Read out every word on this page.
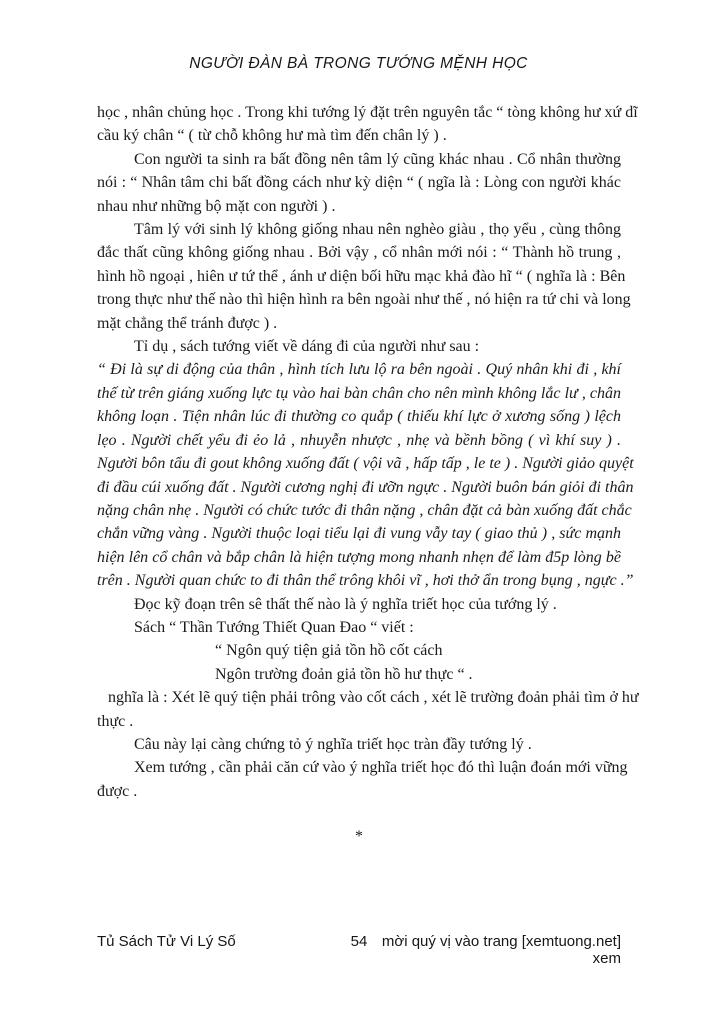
NGƯỜI ĐÀN BÀ TRONG TƯỚNG MỆNH HỌC
học , nhân chủng học . Trong khi tướng lý đặt trên nguyên tắc “ tòng không hư xứ dĩ
cầu ký chân “ ( từ chỗ không hư mà tìm đến chân lý ) .
Con người ta sinh ra bất đồng nên tâm lý cũng khác nhau . Cổ nhân thường
nói : “ Nhân tâm chi bất đồng cách như kỳ diện “ ( ngĩa là : Lòng con người khác
nhau như những bộ mặt con người ) .
Tâm lý với sinh lý không giống nhau nên nghèo giàu , thọ yểu , cùng thông
đắc thất cũng không giống nhau . Bởi vậy , cổ nhân mới nói : “ Thành hồ trung ,
hình hồ ngoại , hiên ư tứ thể , ánh ư diện bối hữu mạc khả đào hĩ “ ( nghĩa là : Bên
trong thực như thế nào thì hiện hình ra bên ngoài như thế , nó hiện ra tứ chi và long
mặt chẳng thể tránh được ) .
Tỉ dụ , sách tướng viết về dáng đi của người như sau :
“ Đi là sự di động của thân , hình tích lưu lộ ra bên ngoài . Quý nhân khi đi , khí
thế từ trên giáng xuống lực tụ vào hai bàn chân cho nên mình không lắc lư , chân
không loạn . Tiện nhân lúc đi thường co quắp ( thiếu khí lực ở xương sống ) lệch
lẹo . Người chết yểu đi ẻo lả , nhuyễn nhược , nhẹ và bềnh bồng ( vì khí suy ) .
Người bôn tẩu đi gout không xuống đất ( vội vã , hấp tấp , le te ) . Người giảo quyệt
đi đầu cúi xuống đất . Người cương nghị đi ưỡn ngực . Người buôn bán giỏi đi thân
nặng chân nhẹ . Người có chức tước đi thân nặng , chân đặt cả bàn xuống đất chắc
chắn vững vàng . Người thuộc loại tiểu lại đi vung vẫy tay ( giao thủ ) , sức mạnh
hiện lên cổ chân và bắp chân là hiện tượng mong nhanh nhẹn để làm đ5p lòng bề
trên . Người quan chức to đi thân thể trông khôi vĩ , hơi thở ẩn trong bụng , ngực .”
Đọc kỹ đoạn trên sê thất thế nào là ý nghĩa triết học của tướng lý .
Sách “ Thần Tướng Thiết Quan Đao “ viết :
“ Ngôn quý tiện giả tồn hồ cốt cách
Ngôn trường đoản giả tồn hồ hư thực “ .
nghĩa là : Xét lẽ quý tiện phải trông vào cốt cách , xét lẽ trường đoản phải tìm ở hư
thực .
Câu này lại càng chứng tỏ ý nghĩa triết học tràn đầy tướng lý .
Xem tướng , cần phải căn cứ vào ý nghĩa triết học đó thì luận đoán mới vững
được .
*
Tủ Sách Tử Vi Lý Số	54 mời quý vị vào trang [xemtuong.net] xem
